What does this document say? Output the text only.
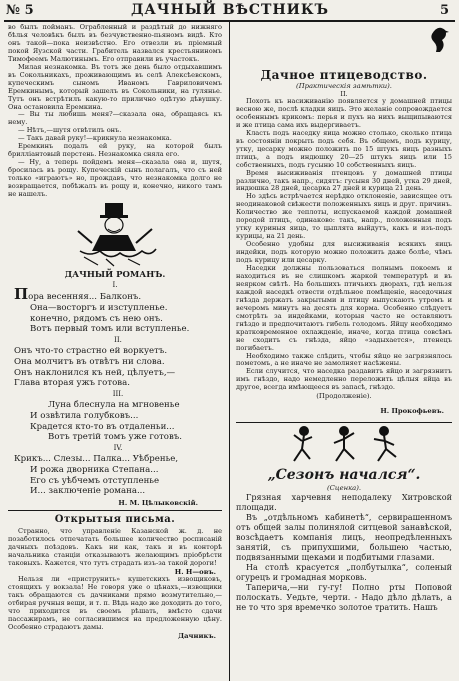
№ 5	ДАЧНЫЙ ВѢСТНИКЪ	5

во былъ пойманъ. Ограбленный и раздѣтый до нижняго бѣлья человѣкъ былъ въ безчувственно-пьяномъ видѣ. Кто онъ такой—пока неизвѣстно. Его отвезли въ пріемный покой Яузской части. Грабитель назвался крестьяниномъ Тимофеемъ Малютинымъ. Его отправили въ участокъ.

Милая незнакомка. Въ тотъ же день было отдыхавшимъ въ Сокольникахъ, проживающимъ въ селѣ Алексѣевскомъ, купеческимъ сыномъ Иваномъ Гавриловичемъ Еремкинымъ, который зашелъ въ Сокольники, на гулянье. Тутъ онъ встрѣтилъ какую-то прилично одѣтую дѣвушку. Она остановила Еремкина.

— Вы ты любишь меня?—сказала она, обращаясь къ нему.

— Нѣтъ,—шутя отвѣтилъ онъ.

— Такъ давай руку!—крикнула незнакомка.

Еремкинъ подалъ ей руку, на которой былъ брилліантовый перстень. Незнакомка сняла его.

— Ну, а теперь пойдемъ меня—сказала она и, шутя, бросилась въ рощу. Купеческій сынъ полагалъ, что съ ней только «играютъ» но, прождавъ, что незнакомка долго не возвращается, побѣжалъ въ рощу и, конечно, никого тамъ не нашелъ.

ДАЧНЫЙ РОМАНЪ.

I.

Пора весенняя... Балконъ.

Она—восторгъ и изступленье.

конечно, рядомъ съ нею онъ.

Вотъ первый томъ или вступленье.

II.

Онъ что-то страстно ей воркуетъ.

Она молчитъ въ отвѣтъ ни слова.

Онъ наклонился къ ней, цѣлуетъ,—

Глава вторая ужъ готова.

III.

Луна блеснула на мгновенье

И озвѣтила голубковъ...

Крадется кто-то въ отдаленьи...

Вотъ третій томъ уже готовъ.

IV.

Крикъ... Слезы... Палка... Уѣбренье,

И рожа дворника Степана...

Его съ уѣбчемъ отступленье

И... заключеніе романа...

Н. М. Цѣлыковскій.

Открытыя письма.

Странно, что управленіе Казанской ж. д. не позаботилось отпечатать большее количество росписаній дачныхъ поѣздовъ. Какъ ни как, такъ и въ конторѣ начальника станціи отказываютъ желающимъ пріобрѣсти таковыхъ. Кажется, что тутъ страдать изъ-за такой дороги!

Н. Н—овъ.

Нельзя ли «приструнить» кушетскихъ извощиковъ, стоящихъ у вокзала! Не говоря уже о цѣнахъ,—извощики такъ обращаются съ дачниками прямо возмутительно,—отбирая ручныя вещи, и т. п. Вѣдь надо же доходить до того, что приходится въ своемъ рѣшать, вмѣсто сдачи пассажирамъ, не согласившимся на предложенную цѣну. Особенно страдаютъ дамы.

Дачникъ.

Дачное птицеводство.

(Практическія замѣтки).

II.

Похоть къ насиживанію появляется у домашней птицы весною же, послѣ кладки яицъ. Это желаніе сопровождается особеннымъ крикомъ: перья и пухъ на нихъ выщипываются и же птица сама ихъ выдергиваетъ.

Класть подъ наседку яица можно столько, сколько птица въ состояніи покрыть подъ себя. Въ общемъ, подъ курицу, утку, цесарку можно положить по 15 штукъ яицъ разныхъ птицъ, а подъ индюшку 20—25 штукъ яицъ или 15 собственныхъ, подъ гусыню 10 собственныхъ яицъ.

Время высиживанія птенцовъ у домашней птицы различно, такъ напр., сидятъ: гусыня 30 дней, утка 29 дней, индюшка 28 дней, цесарка 27 дней и курица 21 день.

Но здѣсь встрѣчается нерѣдко отклоненіе, зависящее отъ неодинаковой свѣжести положенныхъ яицъ и друг. причинъ. Количество же теплоты, испускаемой каждой домашней породой птицъ, одинаково: такъ, напр., положенныя подъ утку куриныя яица, то цыплята выйдутъ, какъ и изъ-подъ курицы, на 21 день.

Особенно удобны для высиживанія всякихъ яицъ индейки, подъ которую можно положить даже болѣе, чѣмъ подъ курицу или цесарку.

Наседки должны пользоваться полнымъ покоемъ и находиться въ не слишкомъ жаркой температурѣ и въ неярком свѣтѣ. На большихъ птичьихъ дворахъ, гдѣ нельзя каждой наседкѣ отвести отдѣльное помѣщеніе, наседочныя гнѣзда держатъ закрытыми и птицу выпускаютъ утромъ и вечеромъ минутъ на десять для корма. Особенно слѣдуетъ смотрѣть за индейками, которыя часто не оставляютъ гнѣздо и предпочитаютъ гибель голодомъ. Яйцу необходимо кратковременное охлажденіе, иначе, когда птица совсѣмъ не сходитъ съ гнѣзда, яйцо «задыхается», птенецъ погибаетъ.

Необходимо также слѣдить, чтобы яйцо не загрязнялось пометомъ, а не иначе не замолняет насѣжены.

Если случится, что наседка раздавитъ яйцо и загрязнитъ имъ гнѣздо, надо немедленно переложить цѣлыя яйца въ другое, всегда имѣющееся въ запасѣ, гнѣздо.

(Продолженіе).

Н. Прокофьевъ.

„Сезонъ начался“.

(Сценка).

Грязная харчевня неподалеку Хитровской площади.

Въ „отдѣльномъ кабинетѣ“, сервирашенномъ отъ общей залы полинялой ситцевой занавѣской, возсѣдаетъ компанія лицъ, неопредѣленныхъ занятій, съ припухшими, большею частью, подвязанными щеками и подбитыми глазами.

На столѣ красуется „полбутылка“, соленый огурецъ и громадная морковь.

Таперича,—ни гу-гу! Полно рты Поповой полоскать. Уедьте, черти. - Надо дѣло дѣлать, а не то что зря времечко золотое тратить. Нашъ
